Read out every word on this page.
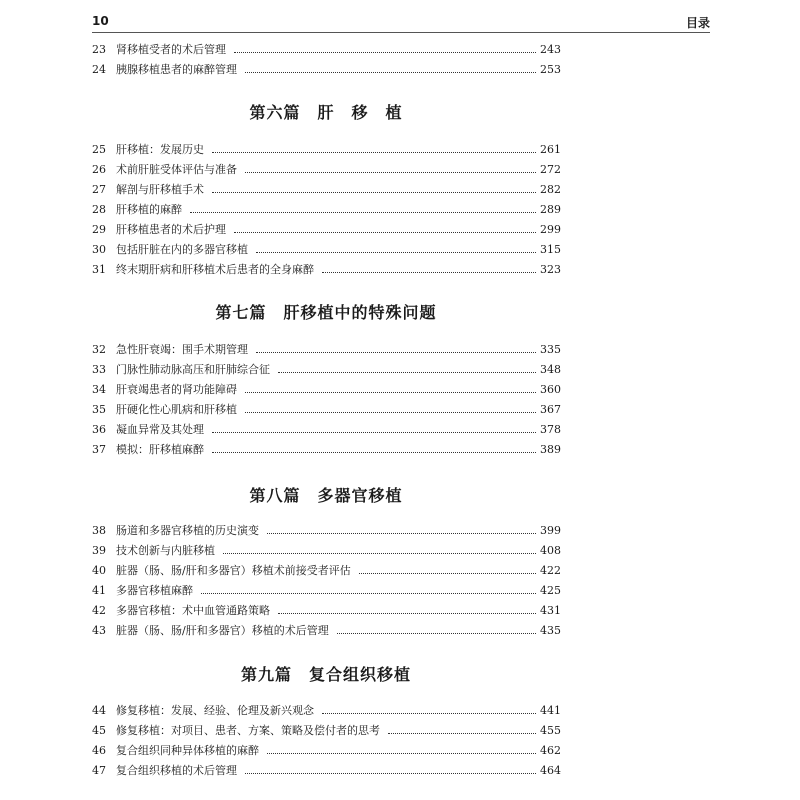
10	目录
23 肾移植受者的术后管理	243
24 胰腺移植患者的麻醉管理	253
第六篇　肝　移　植
25 肝移植：发展历史	261
26 术前肝脏受体评估与准备	272
27 解剖与肝移植手术	282
28 肝移植的麻醉	289
29 肝移植患者的术后护理	299
30 包括肝脏在内的多器官移植	315
31 终末期肝病和肝移植术后患者的全身麻醉	323
第七篇　肝移植中的特殊问题
32 急性肝衰竭：围手术期管理	335
33 门脉性肺动脉高压和肝肺综合征	348
34 肝衰竭患者的肾功能障碍	360
35 肝硬化性心肌病和肝移植	367
36 凝血异常及其处理	378
37 模拟：肝移植麻醉	389
第八篇　多器官移植
38 肠道和多器官移植的历史演变	399
39 技术创新与内脏移植	408
40 脏器（肠、肠/肝和多器官）移植术前接受者评估	422
41 多器官移植麻醉	425
42 多器官移植：术中血管通路策略	431
43 脏器（肠、肠/肝和多器官）移植的术后管理	435
第九篇　复合组织移植
44 修复移植：发展、经验、伦理及新兴观念	441
45 修复移植：对项目、患者、方案、策略及偿付者的思考	455
46 复合组织同种异体移植的麻醉	462
47 复合组织移植的术后管理	464
